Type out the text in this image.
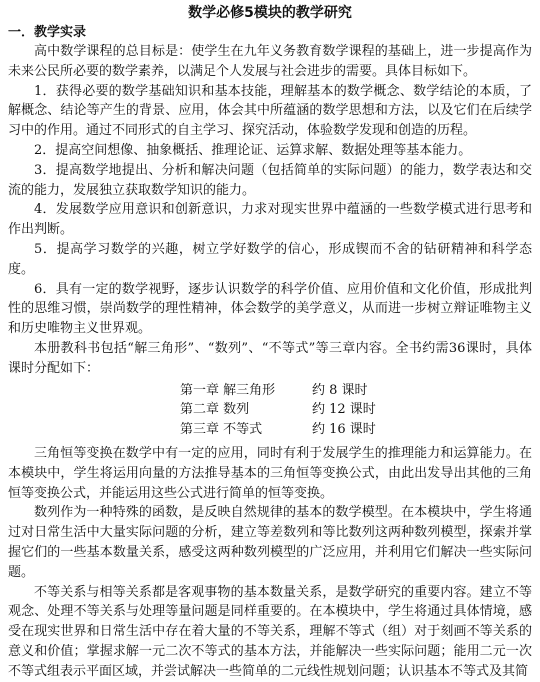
数学必修5模块的教学研究
一．教学实录

高中数学课程的总目标是：使学生在九年义务教育数学课程的基础上，进一步提高作为未来公民所必要的数学素养，以满足个人发展与社会进步的需要。具体目标如下。

1．获得必要的数学基础知识和基本技能，理解基本的数学概念、数学结论的本质，了解概念、结论等产生的背景、应用，体会其中所蕴涵的数学思想和方法，以及它们在后续学习中的作用。通过不同形式的自主学习、探究活动，体验数学发现和创造的历程。

2．提高空间想像、抽象概括、推理论证、运算求解、数据处理等基本能力。

3．提高数学地提出、分析和解决问题（包括简单的实际问题）的能力，数学表达和交流的能力，发展独立获取数学知识的能力。

4．发展数学应用意识和创新意识，力求对现实世界中蕴涵的一些数学模式进行思考和作出判断。

5．提高学习数学的兴趣，树立学好数学的信心，形成锲而不舍的钻研精神和科学态度。

6．具有一定的数学视野，逐步认识数学的科学价值、应用价值和文化价值，形成批判性的思维习惯，崇尚数学的理性精神，体会数学的美学意义，从而进一步树立辩证唯物主义和历史唯物主义世界观。

本册教科书包括“解三角形”、“数列”、“不等式”等三章内容。全书约需36课时，具体课时分配如下：

第一章 解三角形	约 8 课时
第二章 数列	约 12 课时
第三章 不等式	约 16 课时

三角恒等变换在数学中有一定的应用，同时有利于发展学生的推理能力和运算能力。在本模块中，学生将运用向量的方法推导基本的三角恒等变换公式，由此出发导出其他的三角恒等变换公式，并能运用这些公式进行简单的恒等变换。

数列作为一种特殊的函数，是反映自然规律的基本的数学模型。在本模块中，学生将通过对日常生活中大量实际问题的分析，建立等差数列和等比数列这两种数列模型，探索并掌握它们的一些基本数量关系，感受这两种数列模型的广泛应用，并利用它们解决一些实际问题。

不等关系与相等关系都是客观事物的基本数量关系，是数学研究的重要内容。建立不等观念、处理不等关系与处理等量问题是同样重要的。在本模块中，学生将通过具体情境，感受在现实世界和日常生活中存在着大量的不等关系，理解不等式（组）对于刻画不等关系的意义和价值；掌握求解一元二次不等式的基本方法，并能解决一些实际问题；能用二元一次不等式组表示平面区域，并尝试解决一些简单的二元线性规划问题；认识基本不等式及其简
